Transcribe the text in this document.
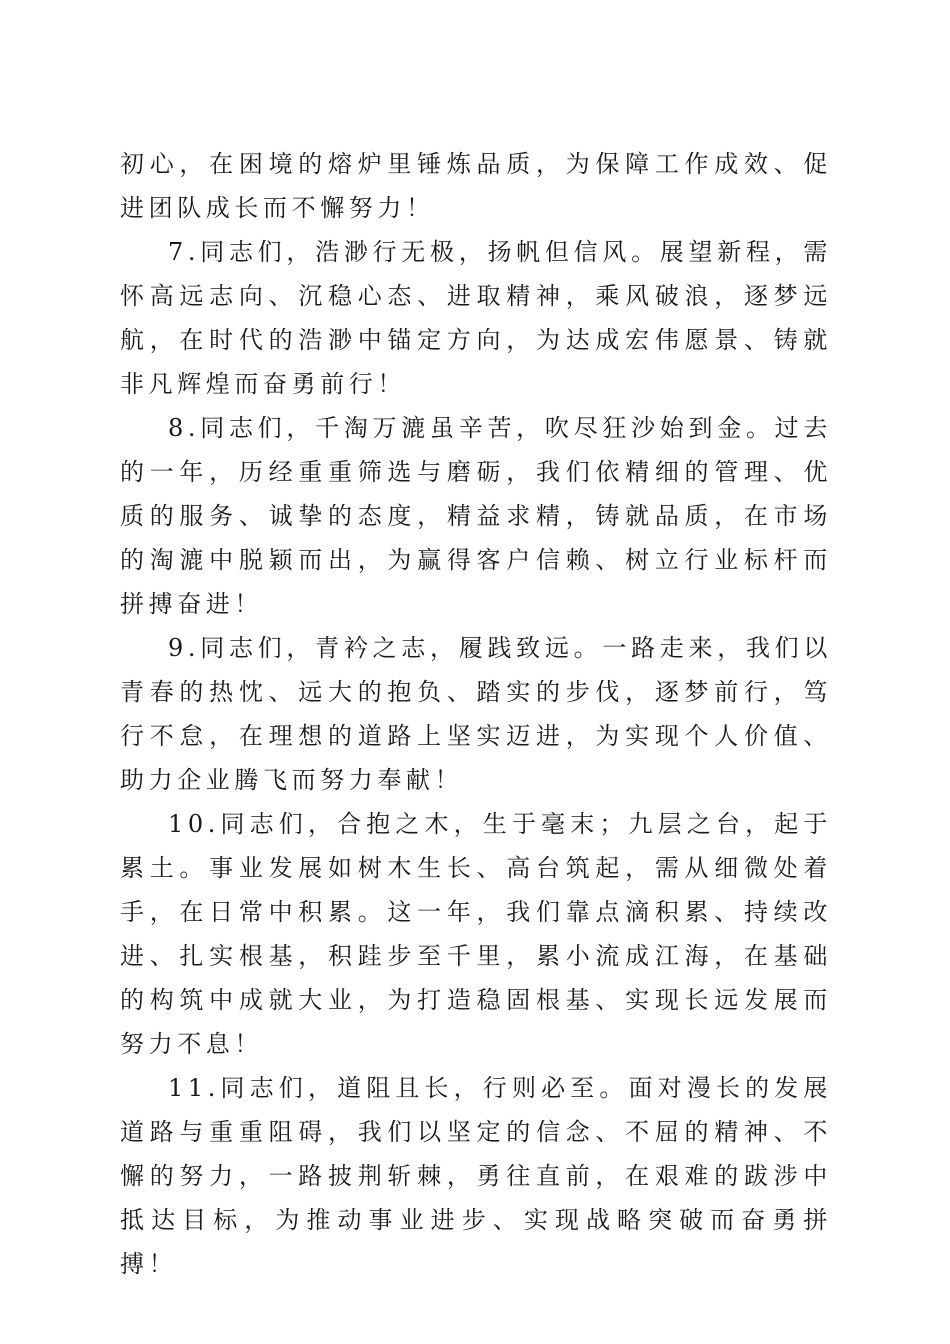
初心，在困境的熔炉里锤炼品质，为保障工作成效、促进团队成长而不懈努力！

7.同志们，浩渺行无极，扬帆但信风。展望新程，需怀高远志向、沉稳心态、进取精神，乘风破浪，逐梦远航，在时代的浩渺中锚定方向，为达成宏伟愿景、铸就非凡辉煌而奋勇前行！

8.同志们，千淘万漉虽辛苦，吹尽狂沙始到金。过去的一年，历经重重筛选与磨砺，我们依精细的管理、优质的服务、诚挚的态度，精益求精，铸就品质，在市场的淘漉中脱颖而出，为赢得客户信赖、树立行业标杆而拼搏奋进！

9.同志们，青衿之志，履践致远。一路走来，我们以青春的热忱、远大的抱负、踏实的步伐，逐梦前行，笃行不怠，在理想的道路上坚实迈进，为实现个人价值、助力企业腾飞而努力奉献！

10.同志们，合抱之木，生于毫末；九层之台，起于累土。事业发展如树木生长、高台筑起，需从细微处着手，在日常中积累。这一年，我们靠点滴积累、持续改进、扎实根基，积跬步至千里，累小流成江海，在基础的构筑中成就大业，为打造稳固根基、实现长远发展而努力不息！

11.同志们，道阻且长，行则必至。面对漫长的发展道路与重重阻碍，我们以坚定的信念、不屈的精神、不懈的努力，一路披荆斩棘，勇往直前，在艰难的跋涉中抵达目标，为推动事业进步、实现战略突破而奋勇拼搏！
